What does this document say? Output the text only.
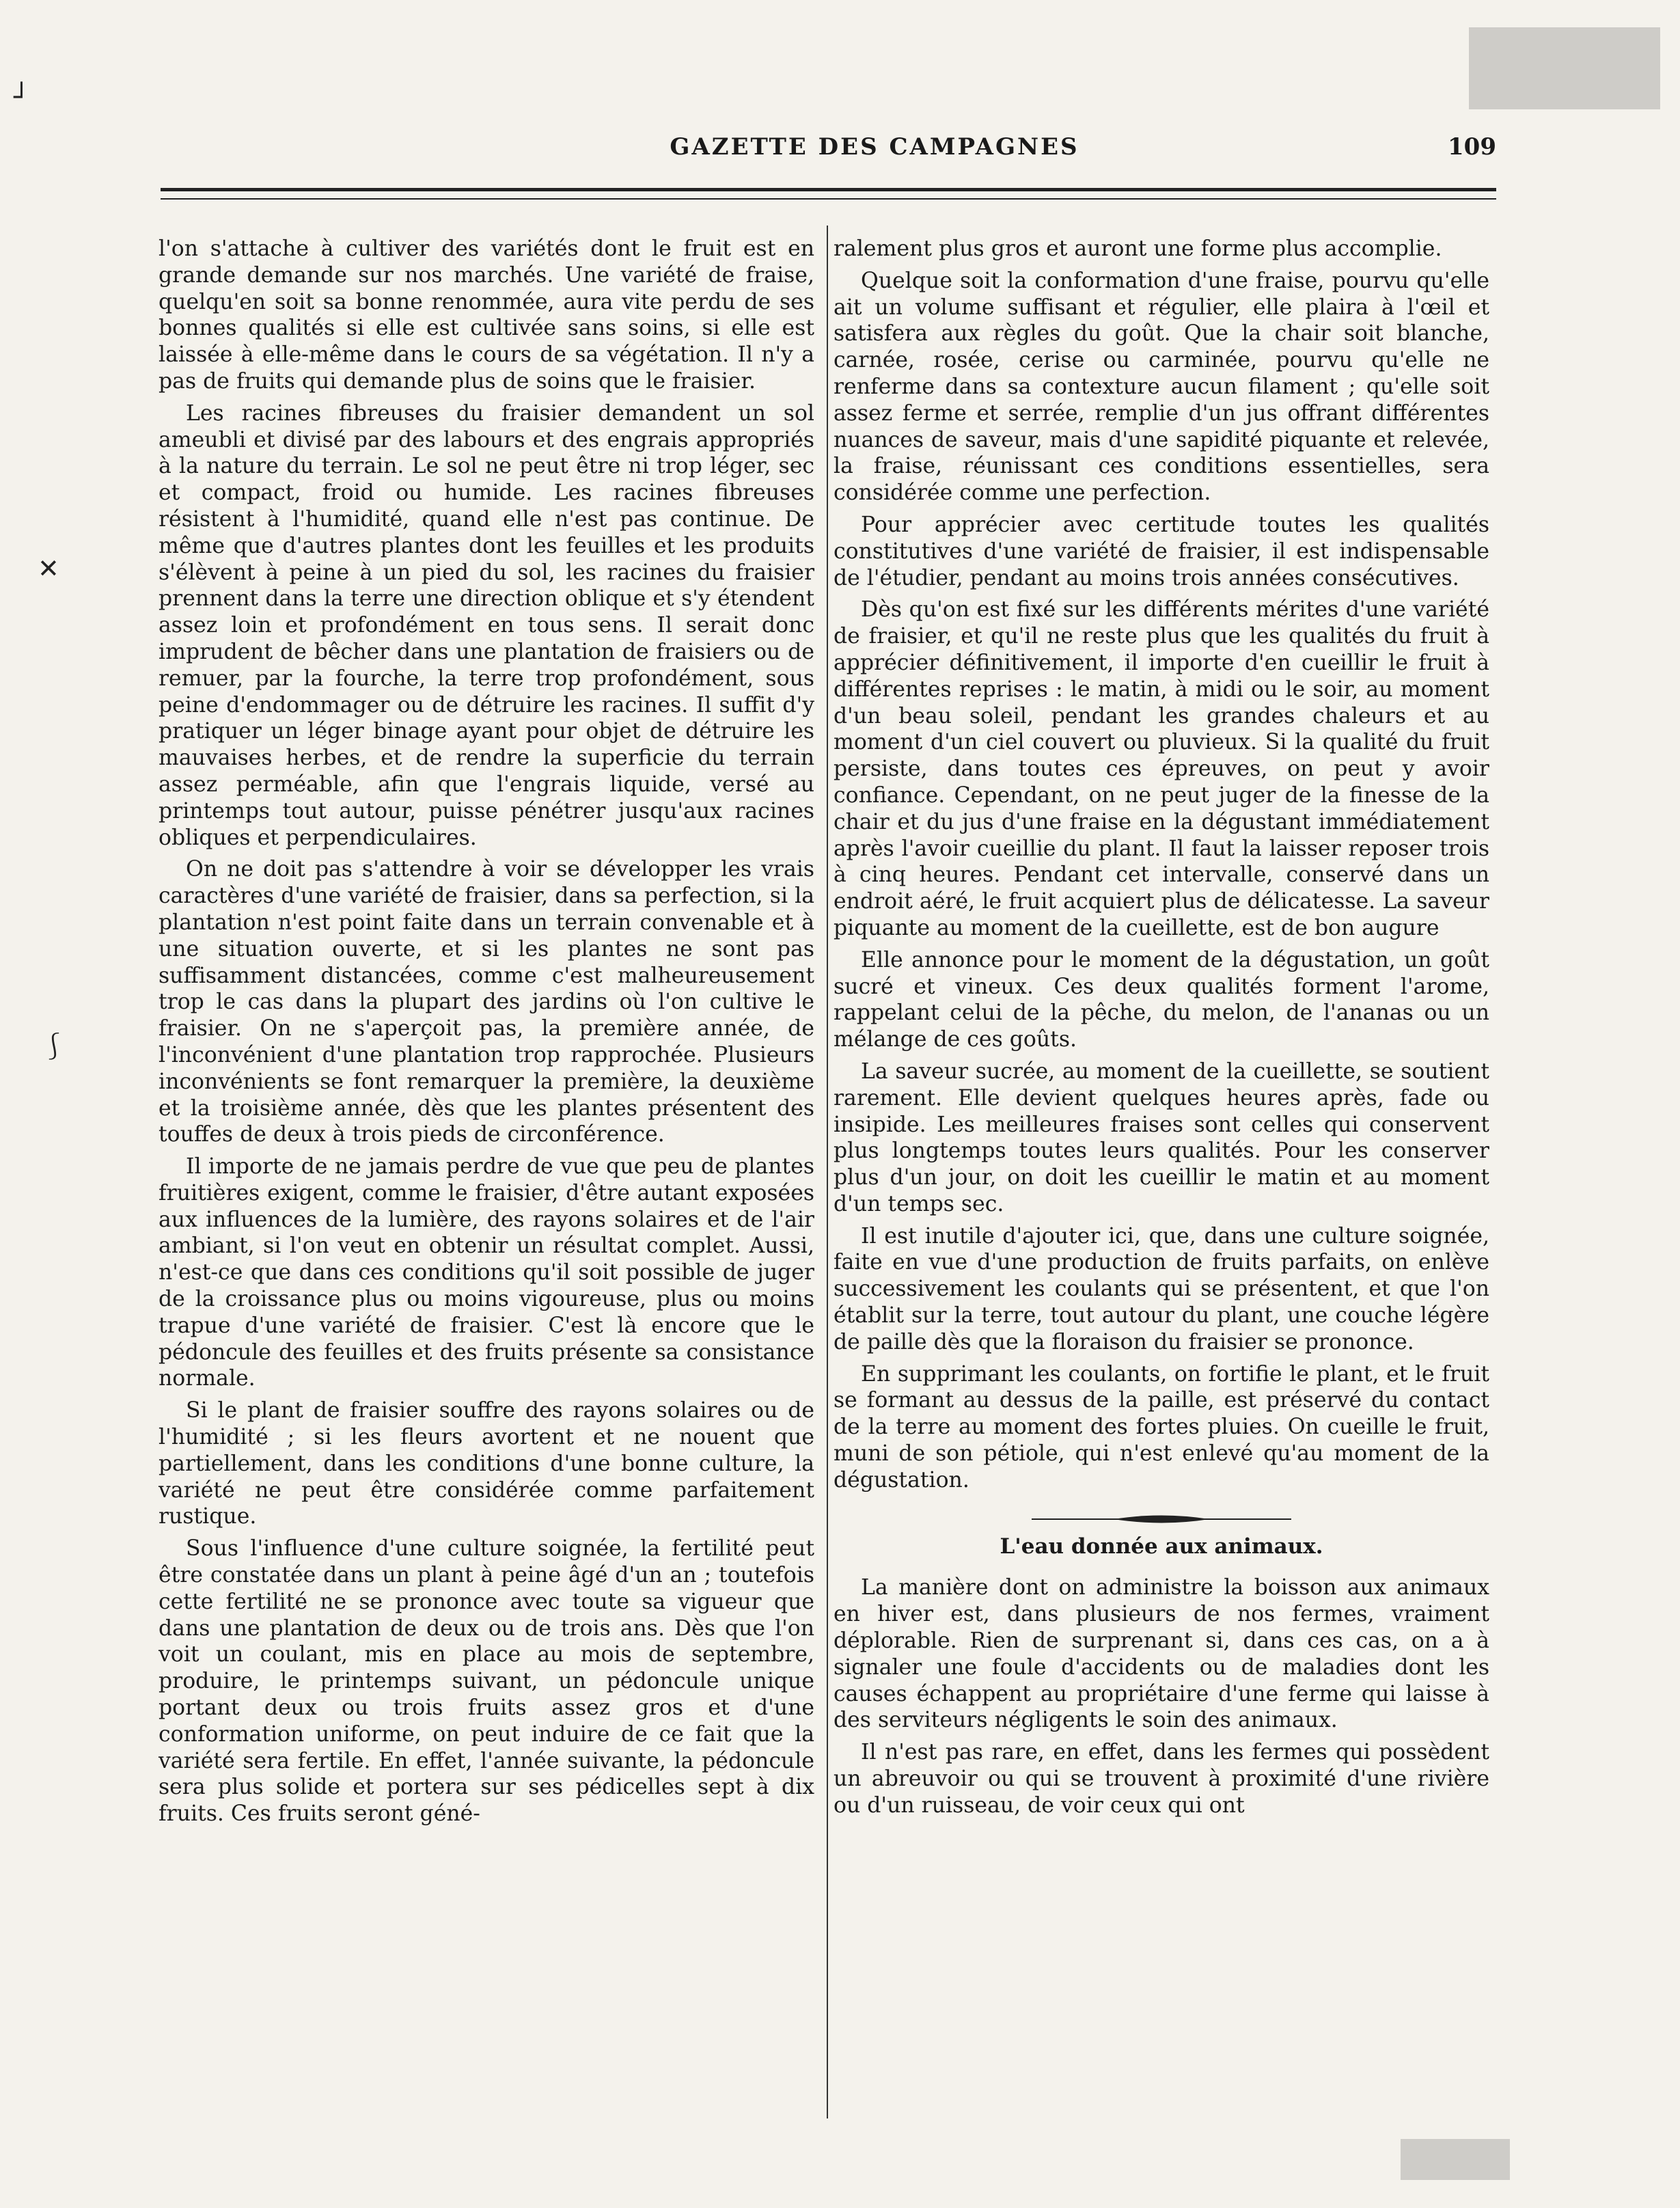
GAZETTE DES CAMPAGNES	109
┘
✕
⎰

l'on s'attache à cultiver des variétés dont le fruit est en grande demande sur nos marchés. Une variété de fraise, quelqu'en soit sa bonne renommée, aura vite perdu de ses bonnes qualités si elle est cultivée sans soins, si elle est laissée à elle-même dans le cours de sa végétation. Il n'y a pas de fruits qui demande plus de soins que le fraisier.

Les racines fibreuses du fraisier demandent un sol ameubli et divisé par des labours et des engrais appropriés à la nature du terrain. Le sol ne peut être ni trop léger, sec et compact, froid ou humide. Les racines fibreuses résistent à l'humidité, quand elle n'est pas continue. De même que d'autres plantes dont les feuilles et les produits s'élèvent à peine à un pied du sol, les racines du fraisier prennent dans la terre une direction oblique et s'y étendent assez loin et profondément en tous sens. Il serait donc imprudent de bêcher dans une plantation de fraisiers ou de remuer, par la fourche, la terre trop profondément, sous peine d'endommager ou de détruire les racines. Il suffit d'y pratiquer un léger binage ayant pour objet de détruire les mauvaises herbes, et de rendre la superficie du terrain assez perméable, afin que l'engrais liquide, versé au printemps tout autour, puisse pénétrer jusqu'aux racines obliques et perpendiculaires.

On ne doit pas s'attendre à voir se développer les vrais caractères d'une variété de fraisier, dans sa perfection, si la plantation n'est point faite dans un terrain convenable et à une situation ouverte, et si les plantes ne sont pas suffisamment distancées, comme c'est malheureusement trop le cas dans la plupart des jardins où l'on cultive le fraisier. On ne s'aperçoit pas, la première année, de l'inconvénient d'une plantation trop rapprochée. Plusieurs inconvénients se font remarquer la première, la deuxième et la troisième année, dès que les plantes présentent des touffes de deux à trois pieds de circonférence.

Il importe de ne jamais perdre de vue que peu de plantes fruitières exigent, comme le fraisier, d'être autant exposées aux influences de la lumière, des rayons solaires et de l'air ambiant, si l'on veut en obtenir un résultat complet. Aussi, n'est-ce que dans ces conditions qu'il soit possible de juger de la croissance plus ou moins vigoureuse, plus ou moins trapue d'une variété de fraisier. C'est là encore que le pédoncule des feuilles et des fruits présente sa consistance normale.

Si le plant de fraisier souffre des rayons solaires ou de l'humidité ; si les fleurs avortent et ne nouent que partiellement, dans les conditions d'une bonne culture, la variété ne peut être considérée comme parfaitement rustique.

Sous l'influence d'une culture soignée, la fertilité peut être constatée dans un plant à peine âgé d'un an ; toutefois cette fertilité ne se prononce avec toute sa vigueur que dans une plantation de deux ou de trois ans. Dès que l'on voit un coulant, mis en place au mois de septembre, produire, le printemps suivant, un pédoncule unique portant deux ou trois fruits assez gros et d'une conformation uniforme, on peut induire de ce fait que la variété sera fertile. En effet, l'année suivante, la pédoncule sera plus solide et portera sur ses pédicelles sept à dix fruits. Ces fruits seront géné-

ralement plus gros et auront une forme plus accomplie.

Quelque soit la conformation d'une fraise, pourvu qu'elle ait un volume suffisant et régulier, elle plaira à l'œil et satisfera aux règles du goût. Que la chair soit blanche, carnée, rosée, cerise ou carminée, pourvu qu'elle ne renferme dans sa contexture aucun filament ; qu'elle soit assez ferme et serrée, remplie d'un jus offrant différentes nuances de saveur, mais d'une sapidité piquante et relevée, la fraise, réunissant ces conditions essentielles, sera considérée comme une perfection.

Pour apprécier avec certitude toutes les qualités constitutives d'une variété de fraisier, il est indispensable de l'étudier, pendant au moins trois années consécutives.

Dès qu'on est fixé sur les différents mérites d'une variété de fraisier, et qu'il ne reste plus que les qualités du fruit à apprécier définitivement, il importe d'en cueillir le fruit à différentes reprises : le matin, à midi ou le soir, au moment d'un beau soleil, pendant les grandes chaleurs et au moment d'un ciel couvert ou pluvieux. Si la qualité du fruit persiste, dans toutes ces épreuves, on peut y avoir confiance. Cependant, on ne peut juger de la finesse de la chair et du jus d'une fraise en la dégustant immédiatement après l'avoir cueillie du plant. Il faut la laisser reposer trois à cinq heures. Pendant cet intervalle, conservé dans un endroit aéré, le fruit acquiert plus de délicatesse. La saveur piquante au moment de la cueillette, est de bon augure

Elle annonce pour le moment de la dégustation, un goût sucré et vineux. Ces deux qualités forment l'arome, rappelant celui de la pêche, du melon, de l'ananas ou un mélange de ces goûts.

La saveur sucrée, au moment de la cueillette, se soutient rarement. Elle devient quelques heures après, fade ou insipide. Les meilleures fraises sont celles qui conservent plus longtemps toutes leurs qualités. Pour les conserver plus d'un jour, on doit les cueillir le matin et au moment d'un temps sec.

Il est inutile d'ajouter ici, que, dans une culture soignée, faite en vue d'une production de fruits parfaits, on enlève successivement les coulants qui se présentent, et que l'on établit sur la terre, tout autour du plant, une couche légère de paille dès que la floraison du fraisier se prononce.

En supprimant les coulants, on fortifie le plant, et le fruit se formant au dessus de la paille, est préservé du contact de la terre au moment des fortes pluies. On cueille le fruit, muni de son pétiole, qui n'est enlevé qu'au moment de la dégustation.

L'eau donnée aux animaux.

La manière dont on administre la boisson aux animaux en hiver est, dans plusieurs de nos fermes, vraiment déplorable. Rien de surprenant si, dans ces cas, on a à signaler une foule d'accidents ou de maladies dont les causes échappent au propriétaire d'une ferme qui laisse à des serviteurs négligents le soin des animaux.

Il n'est pas rare, en effet, dans les fermes qui possèdent un abreuvoir ou qui se trouvent à proximité d'une rivière ou d'un ruisseau, de voir ceux qui ont
